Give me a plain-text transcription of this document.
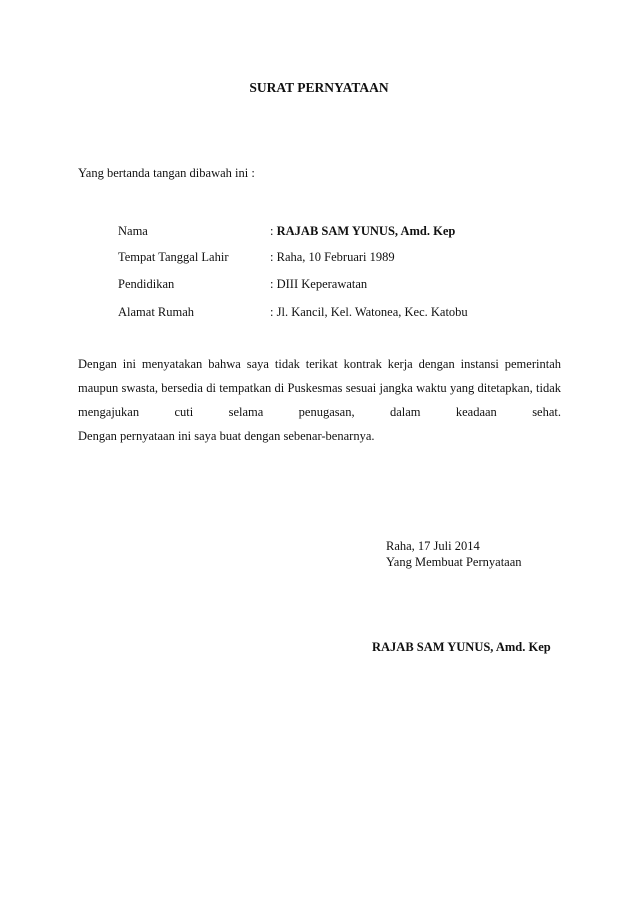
SURAT PERNYATAAN
Yang bertanda tangan dibawah ini :
Nama	: RAJAB SAM YUNUS, Amd. Kep
Tempat Tanggal Lahir	: Raha, 10 Februari 1989
Pendidikan	: DIII Keperawatan
Alamat Rumah	: Jl. Kancil, Kel. Watonea, Kec. Katobu
Dengan ini menyatakan bahwa saya tidak terikat kontrak kerja dengan instansi pemerintah maupun swasta, bersedia di tempatkan di Puskesmas sesuai jangka waktu yang ditetapkan, tidak mengajukan cuti selama penugasan, dalam keadaan sehat.
Dengan pernyataan ini saya buat dengan sebenar-benarnya.
Raha, 17 Juli 2014
Yang Membuat Pernyataan
RAJAB SAM YUNUS, Amd. Kep
